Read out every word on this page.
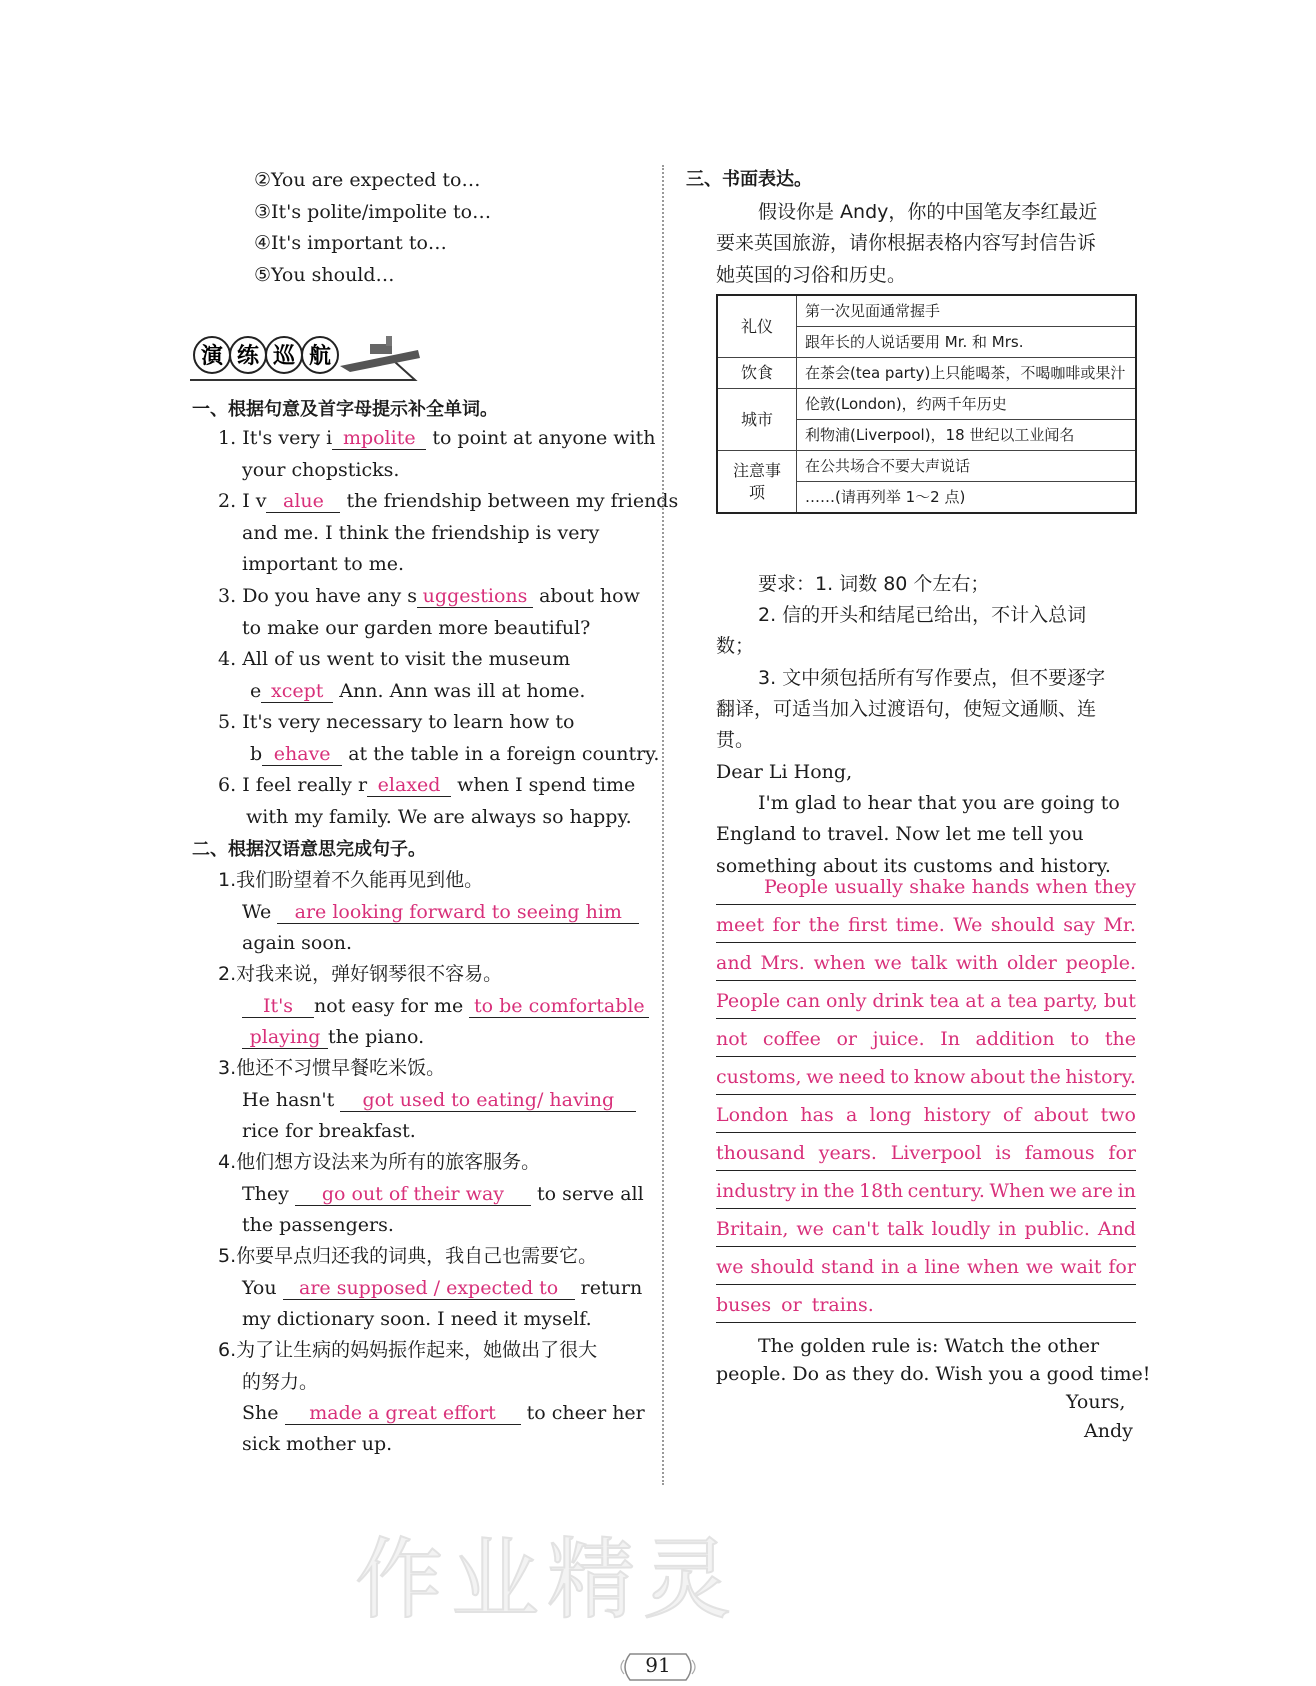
②You are expected to…
③It's polite/impolite to…
④It's important to…
⑤You should…
演 练 巡 航
一、根据句意及首字母提示补全单词。
1. It's very i mpolite to point at anyone with
your chopsticks.
2. I v alue the friendship between my friends
and me. I think the friendship is very
important to me.
3. Do you have any s uggestions about how
to make our garden more beautiful?
4. All of us went to visit the museum
e xcept Ann. Ann was ill at home.
5. It's very necessary to learn how to
b ehave at the table in a foreign country.
6. I feel really r elaxed when I spend time
with my family. We are always so happy.
二、根据汉语意思完成句子。
1.我们盼望着不久能再见到他。
We are looking forward to seeing him
again soon.
2.对我来说，弹好钢琴很不容易。
It's not easy for me to be comfortable
playing the piano.
3.他还不习惯早餐吃米饭。
He hasn't got used to eating/ having
rice for breakfast.
4.他们想方设法来为所有的旅客服务。
They go out of their way to serve all
the passengers.
5.你要早点归还我的词典，我自己也需要它。
You are supposed / expected to return
my dictionary soon. I need it myself.
6.为了让生病的妈妈振作起来，她做出了很大
的努力。
She made a great effort to cheer her
sick mother up.
三、书面表达。
假设你是 Andy，你的中国笔友李红最近
要来英国旅游，请你根据表格内容写封信告诉
她英国的习俗和历史。
礼仪	第一次见面通常握手
	跟年长的人说话要用 Mr. 和 Mrs.
饮食	在茶会(tea party)上只能喝茶，不喝咖啡或果汁
城市	伦敦(London)，约两千年历史
	利物浦(Liverpool)，18 世纪以工业闻名
注意事项	在公共场合不要大声说话
	……(请再列举 1～2 点)
要求：1. 词数 80 个左右；
2. 信的开头和结尾已给出，不计入总词
数；
3. 文中须包括所有写作要点，但不要逐字
翻译，可适当加入过渡语句，使短文通顺、连
贯。
Dear Li Hong,
I'm glad to hear that you are going to
England to travel. Now let me tell you
something about its customs and history.
People usually shake hands when they
meet for the first time. We should say Mr.
and Mrs. when we talk with older people.
People can only drink tea at a tea party, but
not coffee or juice. In addition to the
customs, we need to know about the history.
London has a long history of about two
thousand years. Liverpool is famous for
industry in the 18th century. When we are in
Britain, we can't talk loudly in public. And
we should stand in a line when we wait for
buses or trains.
The golden rule is: Watch the other
people. Do as they do. Wish you a good time!
Yours,
Andy
作业精灵
91
